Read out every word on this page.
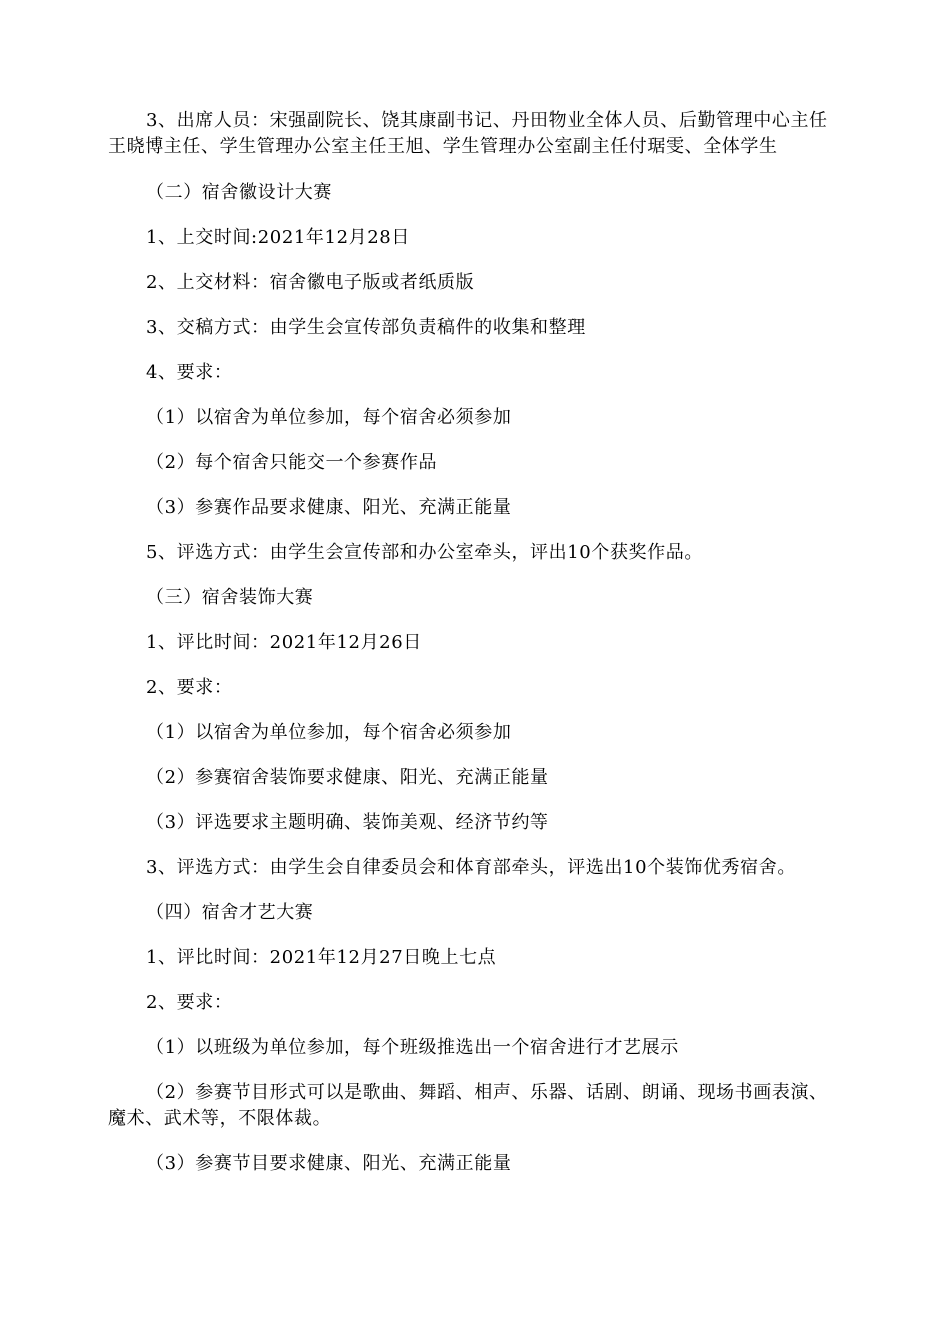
3、出席人员：宋强副院长、饶其康副书记、丹田物业全体人员、后勤管理中心主任王晓博主任、学生管理办公室主任王旭、学生管理办公室副主任付琚雯、全体学生

（二）宿舍徽设计大赛

1、上交时间:2021年12月28日

2、上交材料：宿舍徽电子版或者纸质版

3、交稿方式：由学生会宣传部负责稿件的收集和整理

4、要求：

（1）以宿舍为单位参加，每个宿舍必须参加

（2）每个宿舍只能交一个参赛作品

（3）参赛作品要求健康、阳光、充满正能量

5、评选方式：由学生会宣传部和办公室牵头，评出10个获奖作品。

（三）宿舍装饰大赛

1、评比时间：2021年12月26日

2、要求：

（1）以宿舍为单位参加，每个宿舍必须参加

（2）参赛宿舍装饰要求健康、阳光、充满正能量

（3）评选要求主题明确、装饰美观、经济节约等

3、评选方式：由学生会自律委员会和体育部牵头，评选出10个装饰优秀宿舍。

（四）宿舍才艺大赛

1、评比时间：2021年12月27日晚上七点

2、要求：

（1）以班级为单位参加，每个班级推选出一个宿舍进行才艺展示

（2）参赛节目形式可以是歌曲、舞蹈、相声、乐器、话剧、朗诵、现场书画表演、魔术、武术等，不限体裁。

（3）参赛节目要求健康、阳光、充满正能量
